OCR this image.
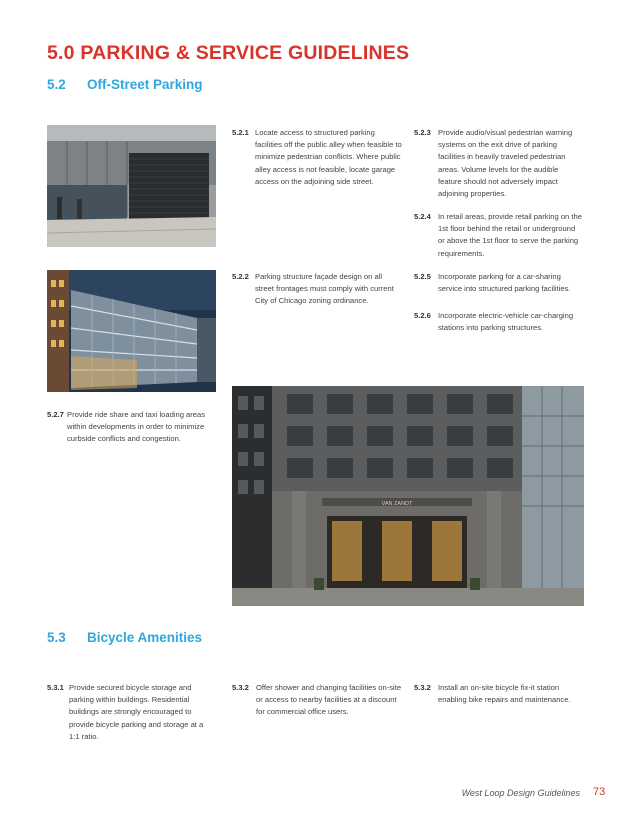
5.0 PARKING & SERVICE GUIDELINES
5.2 Off-Street Parking
5.2.1 Locate access to structured parking facilities off the public alley when feasible to minimize pedestrian conflicts. Where public alley access is not feasible, locate garage access on the adjoining side street.
5.2.3 Provide audio/visual pedestrian warning systems on the exit drive of parking facilities in heavily traveled pedestrian areas. Volume levels for the audible feature should not adversely impact adjoining properties.
5.2.4 In retail areas, provide retail parking on the 1st floor behind the retail or underground or above the 1st floor to serve the parking requirements.
5.2.2 Parking structure façade design on all street frontages must comply with current City of Chicago zoning ordinance.
5.2.5 Incorporate parking for a car-sharing service into structured parking facilities.
5.2.6 Incorporate electric-vehicle car-charging stations into parking structures.
5.2.7 Provide ride share and taxi loading areas within developments in order to minimize curbside conflicts and congestion.
VAN ZANDT
5.3 Bicycle Amenities
5.3.1 Provide secured bicycle storage and parking within buildings. Residential buildings are strongly encouraged to provide bicycle parking and storage at a 1:1 ratio.
5.3.2 Offer shower and changing facilities on-site or access to nearby facilities at a discount for commercial office users.
5.3.2 Install an on-site bicycle fix-it station enabling bike repairs and maintenance.
West Loop Design Guidelines 73
